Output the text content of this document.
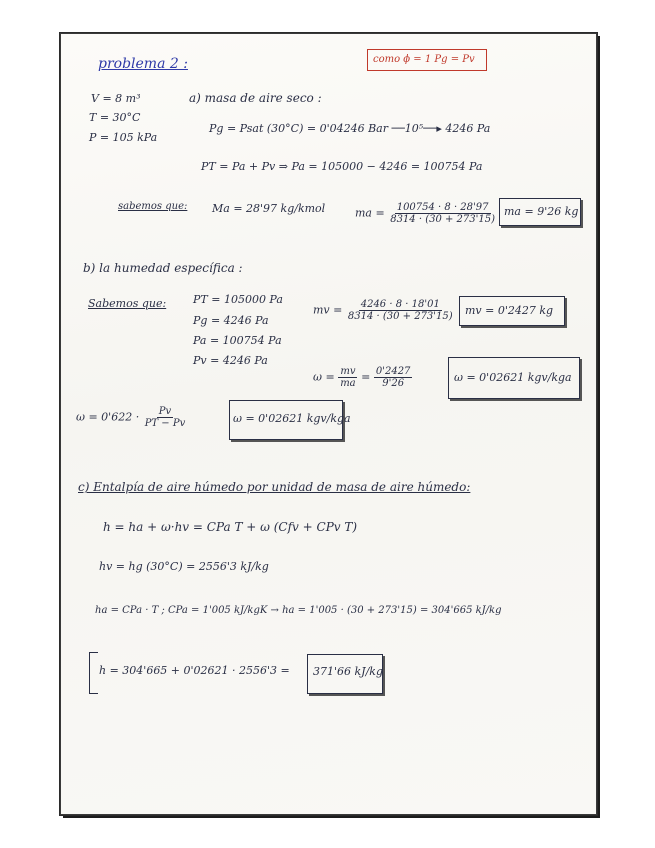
problema 2 :	como ϕ = 1 Pg = Pv
V = 8 m³
T = 30°C
P = 105 kPa
a) masa de aire seco :
Pg = Psat (30°C) = 0'04246 Bar ──10⁵──▸ 4246 Pa
PT = Pa + Pv ⇒ Pa = 105000 − 4246 = 100754 Pa
sabemos que: Ma = 28'97 kg/kmol	ma = $\frac{100754 \cdot 8 \cdot 28'97}{8314 \cdot (30 + 273'15)}$ ma = 9'26 kg
b) la humedad específica :
Sabemos que: PT = 105000 Pa
Pg = 4246 Pa
Pa = 100754 Pa
Pv = 4246 Pa
mv = $\frac{4246 \cdot 8 \cdot 18'01}{8314 \cdot (30 + 273'15)}$ mv = 0'2427 kg
$\omega = \frac{mv}{ma} = \frac{0'2427}{9'26}$	ω = 0'02621 kgv/kga
$\omega = 0'622 \cdot \frac{Pv}{PT - Pv}$	ω = 0'02621 kgv/kga
c) Entalpía de aire húmedo por unidad de masa de aire húmedo:
h = ha + ω·hv = CPa T + ω (Cfv + CPv T)
hv = hg (30°C) = 2556'3 kJ/kg
ha = CPa · T ; CPa = 1'005 kJ/kgK → ha = 1'005 · (30 + 273'15) = 304'665 kJ/kg
h = 304'665 + 0'02621 · 2556'3 = 371'66 kJ/kg
